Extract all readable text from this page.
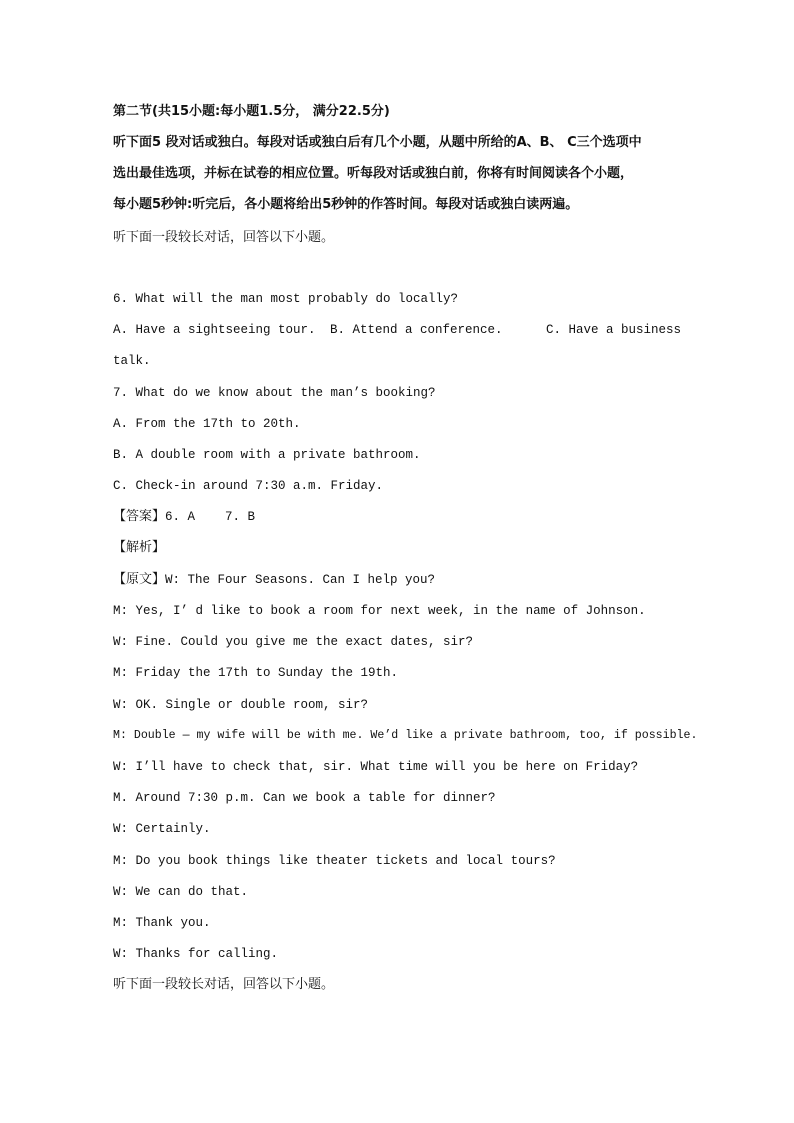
第二节(共15小题:每小题1.5分， 满分22.5分)
听下面5 段对话或独白。每段对话或独白后有几个小题，从题中所给的A、B、 C三个选项中
选出最佳选项，并标在试卷的相应位置。听每段对话或独白前，你将有时间阅读各个小题，
每小题5秒钟:听完后，各小题将给出5秒钟的作答时间。每段对话或独白读两遍。
听下面一段较长对话，回答以下小题。
6. What will the man most probably do locally?
A. Have a sightseeing tour. B. Attend a conference.	C. Have a business
talk.
7. What do we know about the man’s booking?
A. From the 17th to 20th.
B. A double room with a private bathroom.
C. Check-in around 7:30 a.m. Friday.
【答案】6. A    7. B
【解析】
【原文】W: The Four Seasons. Can I help you?
M: Yes, I’ d like to book a room for next week, in the name of Johnson.
W: Fine. Could you give me the exact dates, sir?
M: Friday the 17th to Sunday the 19th.
W: OK. Single or double room, sir?
M: Double — my wife will be with me. We’d like a private bathroom, too, if possible.
W: I’ll have to check that, sir. What time will you be here on Friday?
M. Around 7:30 p.m. Can we book a table for dinner?
W: Certainly.
M: Do you book things like theater tickets and local tours?
W: We can do that.
M: Thank you.
W: Thanks for calling.
听下面一段较长对话，回答以下小题。
